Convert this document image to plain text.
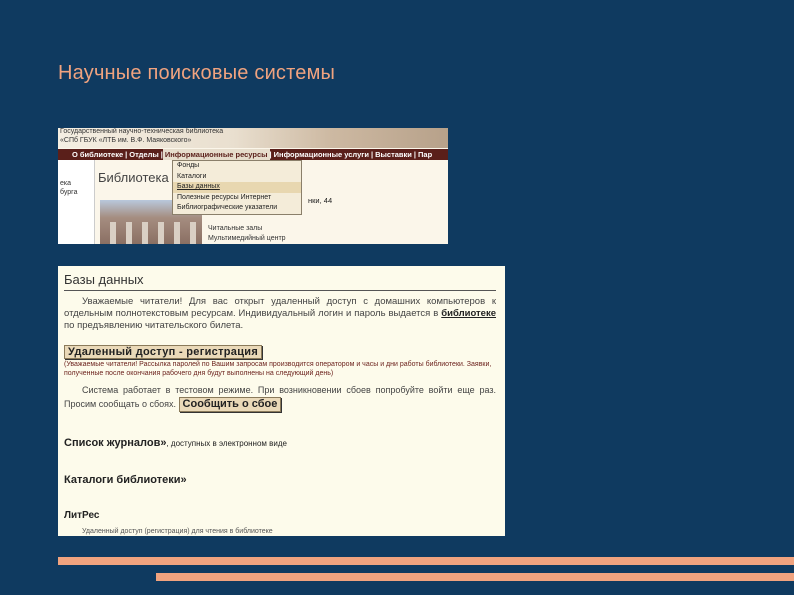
Научные поисковые системы
Государственный научно-техническая библиотека
«СПб ГБУК «ЛТБ им. В.Ф. Маяковского»
О библиотеке | Отделы | Информационные ресурсы | Информационные услуги | Выставки | Пар
ека
бурга
Библиотека
нки, 44
Читальные залы
Мультимедийный центр
Фонды
Каталоги
Базы данных
Полезные ресурсы Интернет
Библиографические указатели
Базы данных
Уважаемые читатели! Для вас открыт удаленный доступ с домашних компьютеров к отдельным полнотекстовым ресурсам. Индивидуальный логин и пароль выдается в библиотеке по предъявлению читательского билета.
Удаленный доступ - регистрация
(Уважаемые читатели! Рассылка паролей по Вашим запросам производится оператором и часы и дни работы библиотеки. Заявки, полученные после окончания рабочего дня будут выполнены на следующий день)
Система работает в тестовом режиме. При возникновении сбоев попробуйте войти еще раз. Просим сообщать о сбоях. Сообщить о сбое
Список журналов», доступных в электронном виде
Каталоги библиотеки»
ЛитРес
Удаленный доступ (регистрация) для чтения в библиотеке
